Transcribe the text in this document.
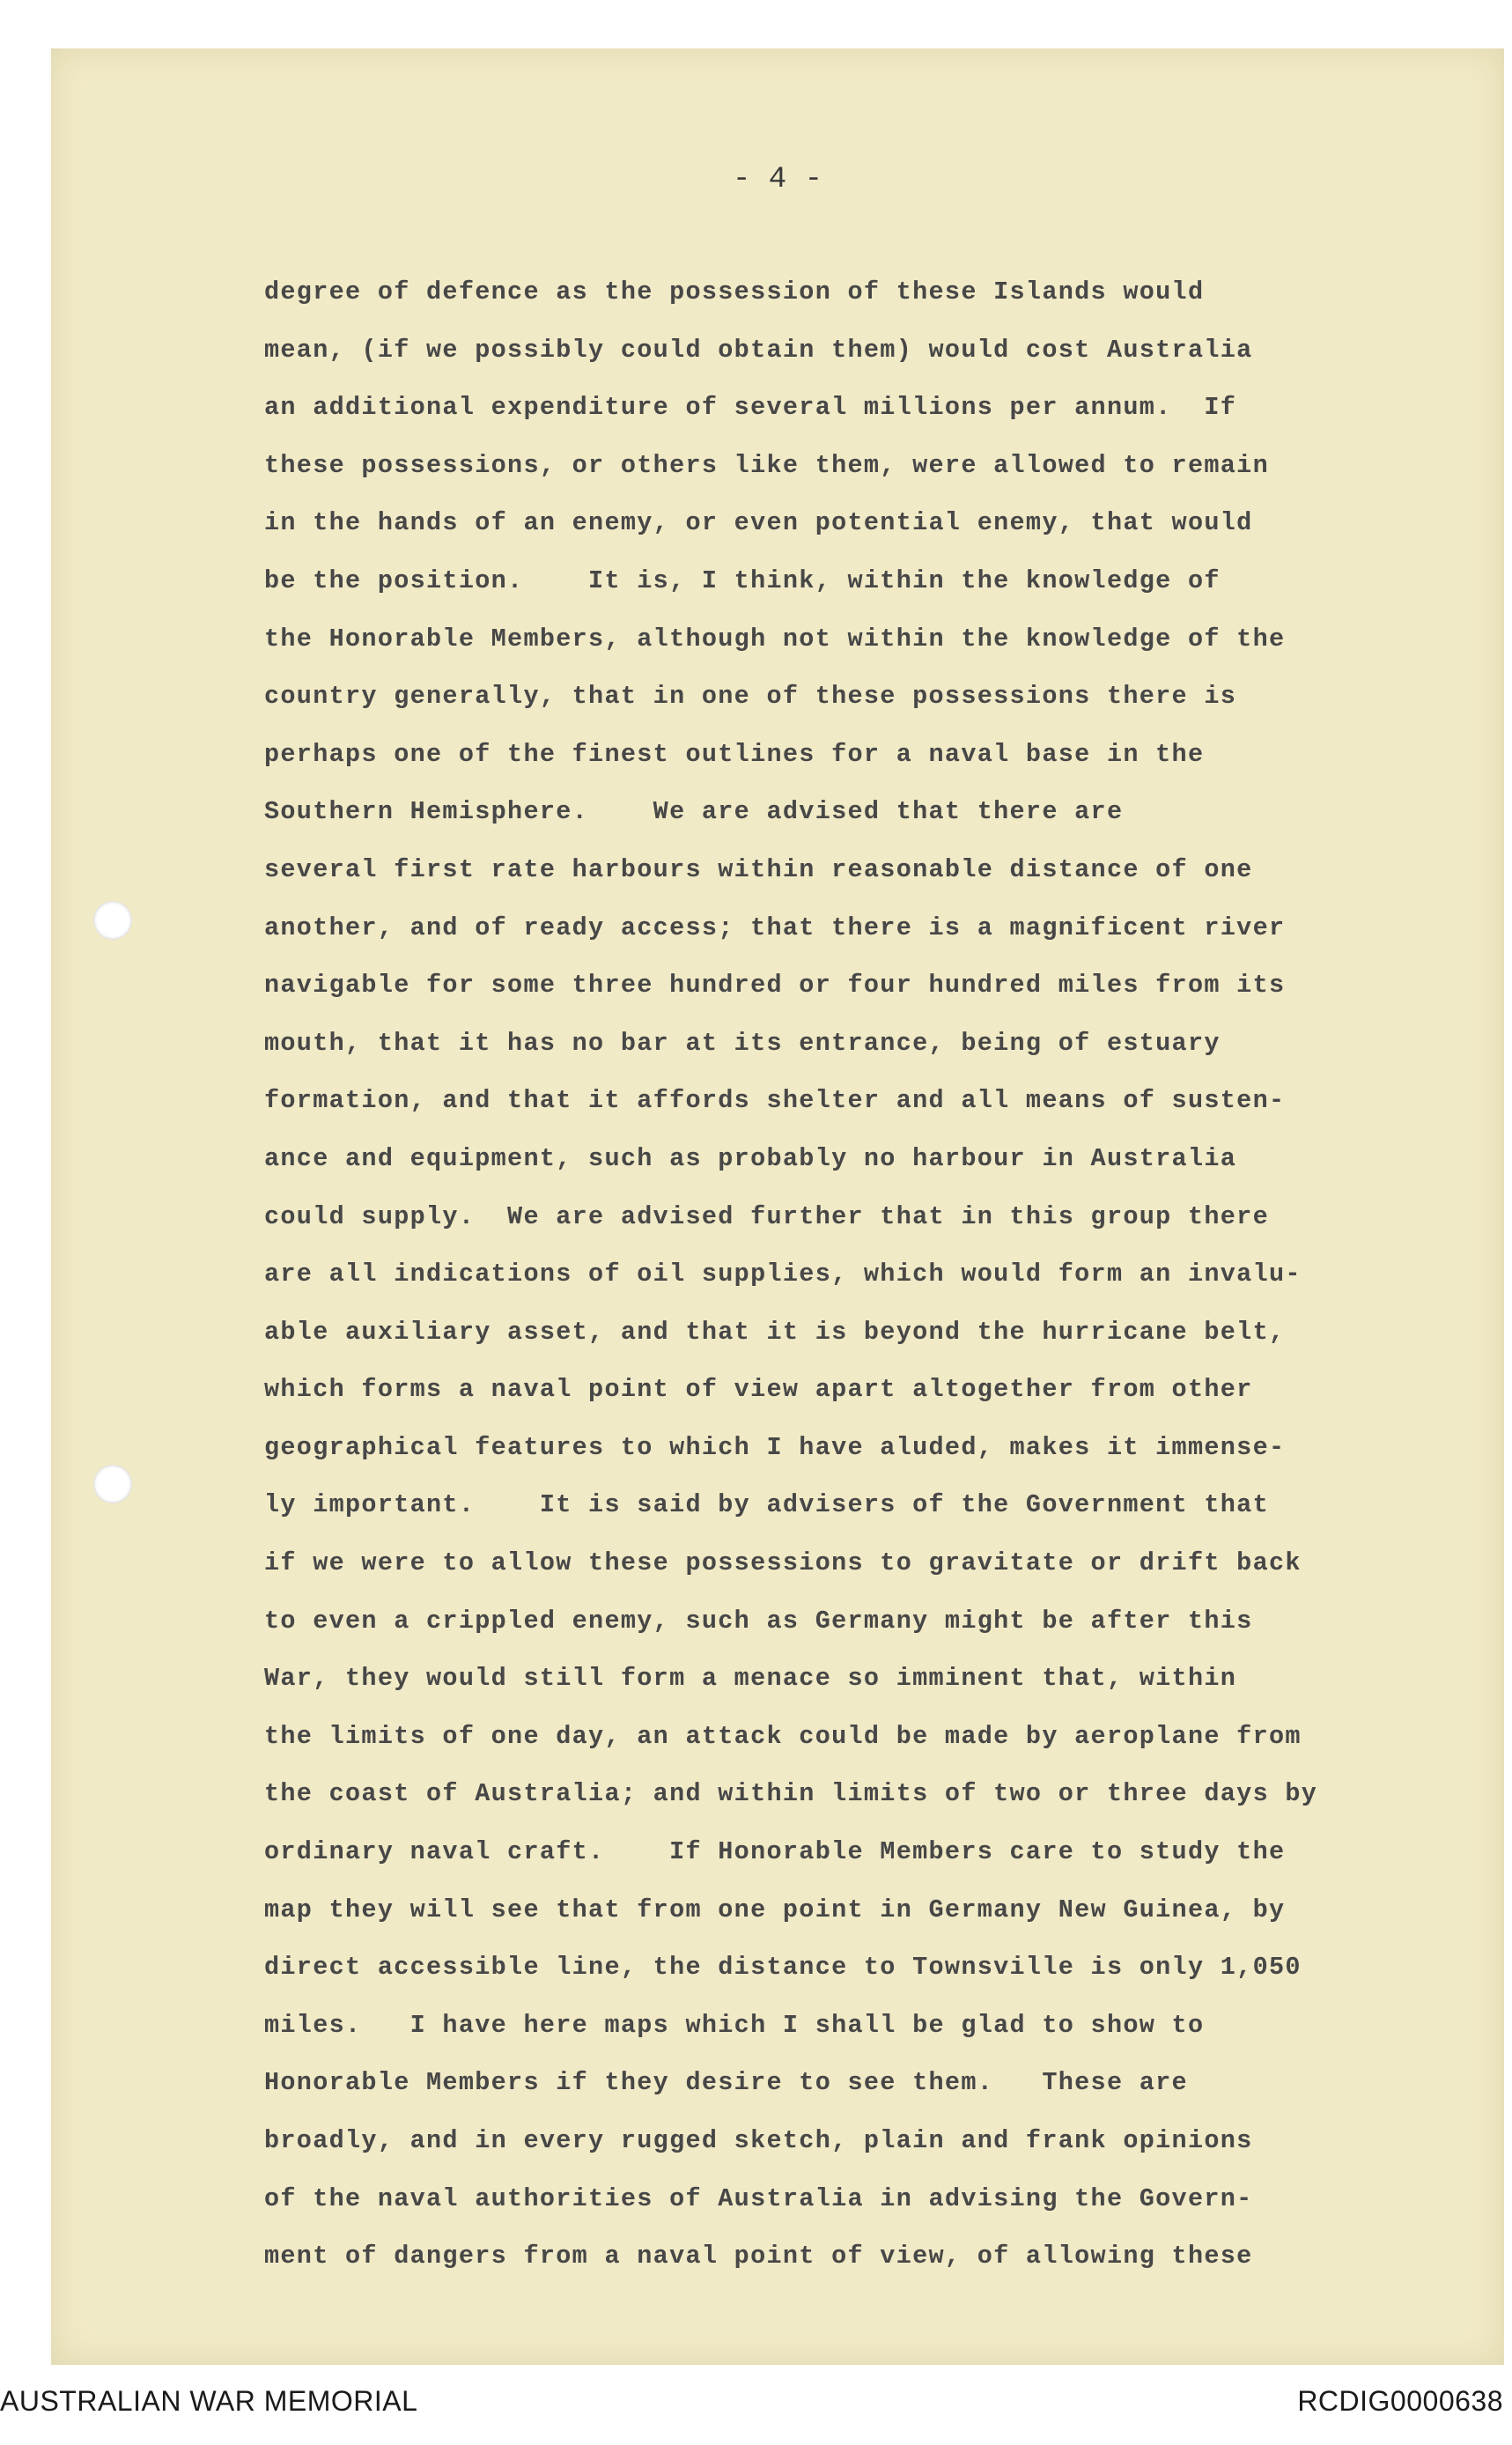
- 4 -
degree of defence as the possession of these Islands would
mean, (if we possibly could obtain them) would cost Australia
an additional expenditure of several millions per annum.  If
these possessions, or others like them, were allowed to remain
in the hands of an enemy, or even potential enemy, that would
be the position.    It is, I think, within the knowledge of
the Honorable Members, although not within the knowledge of the
country generally, that in one of these possessions there is
perhaps one of the finest outlines for a naval base in the
Southern Hemisphere.    We are advised that there are
several first rate harbours within reasonable distance of one
another, and of ready access; that there is a magnificent river
navigable for some three hundred or four hundred miles from its
mouth, that it has no bar at its entrance, being of estuary
formation, and that it affords shelter and all means of susten-
ance and equipment, such as probably no harbour in Australia
could supply.  We are advised further that in this group there
are all indications of oil supplies, which would form an invalu-
able auxiliary asset, and that it is beyond the hurricane belt,
which forms a naval point of view apart altogether from other
geographical features to which I have aluded, makes it immense-
ly important.    It is said by advisers of the Government that
if we were to allow these possessions to gravitate or drift back
to even a crippled enemy, such as Germany might be after this
War, they would still form a menace so imminent that, within
the limits of one day, an attack could be made by aeroplane from
the coast of Australia; and within limits of two or three days by
ordinary naval craft.    If Honorable Members care to study the
map they will see that from one point in Germany New Guinea, by
direct accessible line, the distance to Townsville is only 1,050
miles.   I have here maps which I shall be glad to show to
Honorable Members if they desire to see them.   These are
broadly, and in every rugged sketch, plain and frank opinions
of the naval authorities of Australia in advising the Govern-
ment of dangers from a naval point of view, of allowing these
AUSTRALIAN WAR MEMORIAL	RCDIG0000638
